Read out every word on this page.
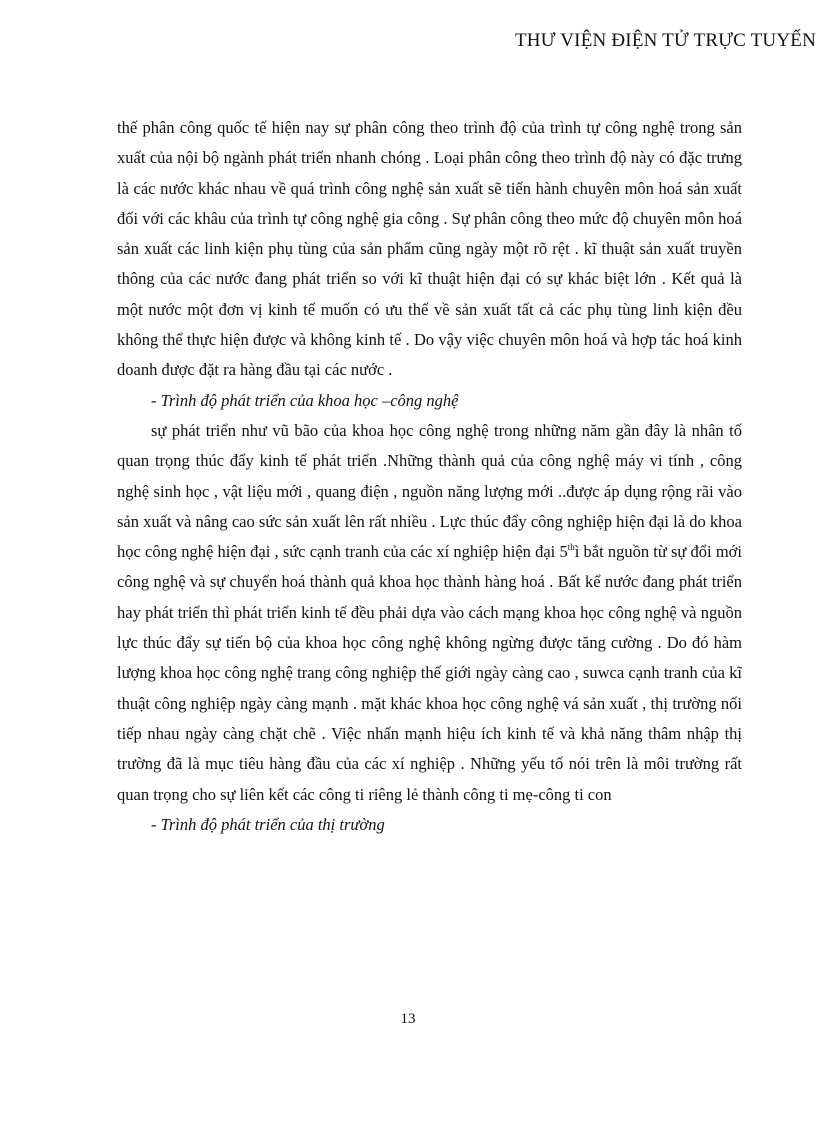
THƯ VIỆN ĐIỆN TỬ TRỰC TUYẾN

thế phân công quốc tế hiện nay sự phân công theo trình độ của trình tự công nghệ trong sản xuất của nội bộ ngành phát triển nhanh chóng . Loại phân công theo trình độ này có đặc trưng là các nước khác nhau về quá trình công nghệ sản xuất sẽ tiến hành chuyên môn hoá sản xuất đối với các khâu của trình tự công nghệ gia công . Sự phân công theo mức độ chuyên môn hoá sản xuất các linh kiện phụ tùng của sản phẩm cũng ngày một rõ rệt . kĩ thuật sản xuất truyền thông của các nước đang phát triển so với kĩ thuật hiện đại có sự khác biệt lớn . Kết quả là một nước một đơn vị kinh tế muốn có ưu thế về sản xuất tất cả các phụ tùng linh kiện đều không thể thực hiện được và không kinh tế . Do vậy việc chuyên môn hoá và hợp tác hoá kinh doanh được đặt ra hàng đầu tại các nước .

- Trình độ phát triển của khoa học –công nghệ

sự phát triển như vũ bão của khoa học công nghệ trong những năm gần đây là nhân tố quan trọng thúc đẩy kinh tế phát triển .Những thành quả của công nghệ máy vi tính , công nghệ sinh học , vật liệu mới , quang điện , nguồn năng lượng mới ..được áp dụng rộng rãi vào sản xuất và nâng cao sức sản xuất lên rất nhiều . Lực thúc đẩy công nghiệp hiện đại là do khoa học công nghệ hiện đại , sức cạnh tranh của các xí nghiệp hiện đại 5thì bắt nguồn từ sự đổi mới công nghệ và sự chuyển hoá thành quả khoa học thành hàng hoá . Bất kể nước đang phát triển hay phát triển thì phát triển kinh tế đều phải dựa vào cách mạng khoa học công nghệ và nguồn lực thúc đẩy sự tiến bộ của khoa học công nghệ không ngừng được tăng cường . Do đó hàm lượng khoa học công nghệ trang công nghiệp thế giới ngày càng cao , suwca cạnh tranh của kĩ thuật công nghiệp ngày càng mạnh . mặt khác khoa học công nghệ vá sản xuất , thị trường nối tiếp nhau ngày càng chặt chẽ . Việc nhấn mạnh hiệu ích kinh tế và khả năng thâm nhập thị trường đã là mục tiêu hàng đầu của các xí nghiệp . Những yếu tố nói trên là môi trường rất quan trọng cho sự liên kết các công ti riêng lẻ thành công ti mẹ-công ti con

- Trình độ phát triển của thị trường

13
